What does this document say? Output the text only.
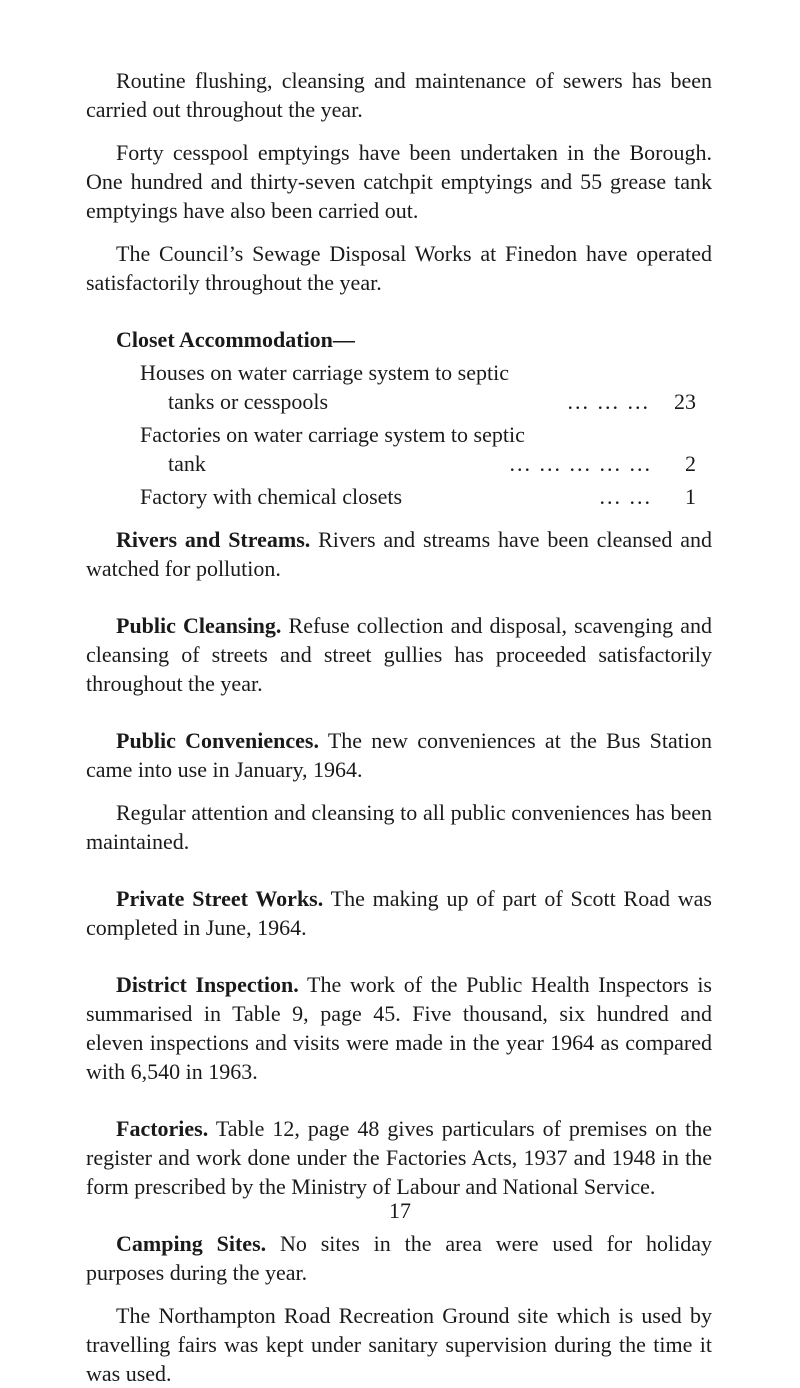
Routine flushing, cleansing and maintenance of sewers has been carried out throughout the year.

Forty cesspool emptyings have been undertaken in the Borough. One hundred and thirty-seven catchpit emptyings and 55 grease tank emptyings have also been carried out.

The Council’s Sewage Disposal Works at Finedon have operated satisfactorily throughout the year.

Closet Accommodation—
Houses on water carriage system to septic
tanks or cesspools	... ... ...	23
Factories on water carriage system to septic
tank	... ... ... ... ...	2
Factory with chemical closets	... ...	1

Rivers and Streams. Rivers and streams have been cleansed and watched for pollution.

Public Cleansing. Refuse collection and disposal, scavenging and cleansing of streets and street gullies has proceeded satisfactorily throughout the year.

Public Conveniences. The new conveniences at the Bus Station came into use in January, 1964.

Regular attention and cleansing to all public conveniences has been maintained.

Private Street Works. The making up of part of Scott Road was completed in June, 1964.

District Inspection. The work of the Public Health Inspectors is summarised in Table 9, page 45. Five thousand, six hundred and eleven inspections and visits were made in the year 1964 as compared with 6,540 in 1963.

Factories. Table 12, page 48 gives particulars of premises on the register and work done under the Factories Acts, 1937 and 1948 in the form prescribed by the Ministry of Labour and National Service.

Camping Sites. No sites in the area were used for holiday purposes during the year.

The Northampton Road Recreation Ground site which is used by travelling fairs was kept under sanitary supervision during the time it was used.

17
